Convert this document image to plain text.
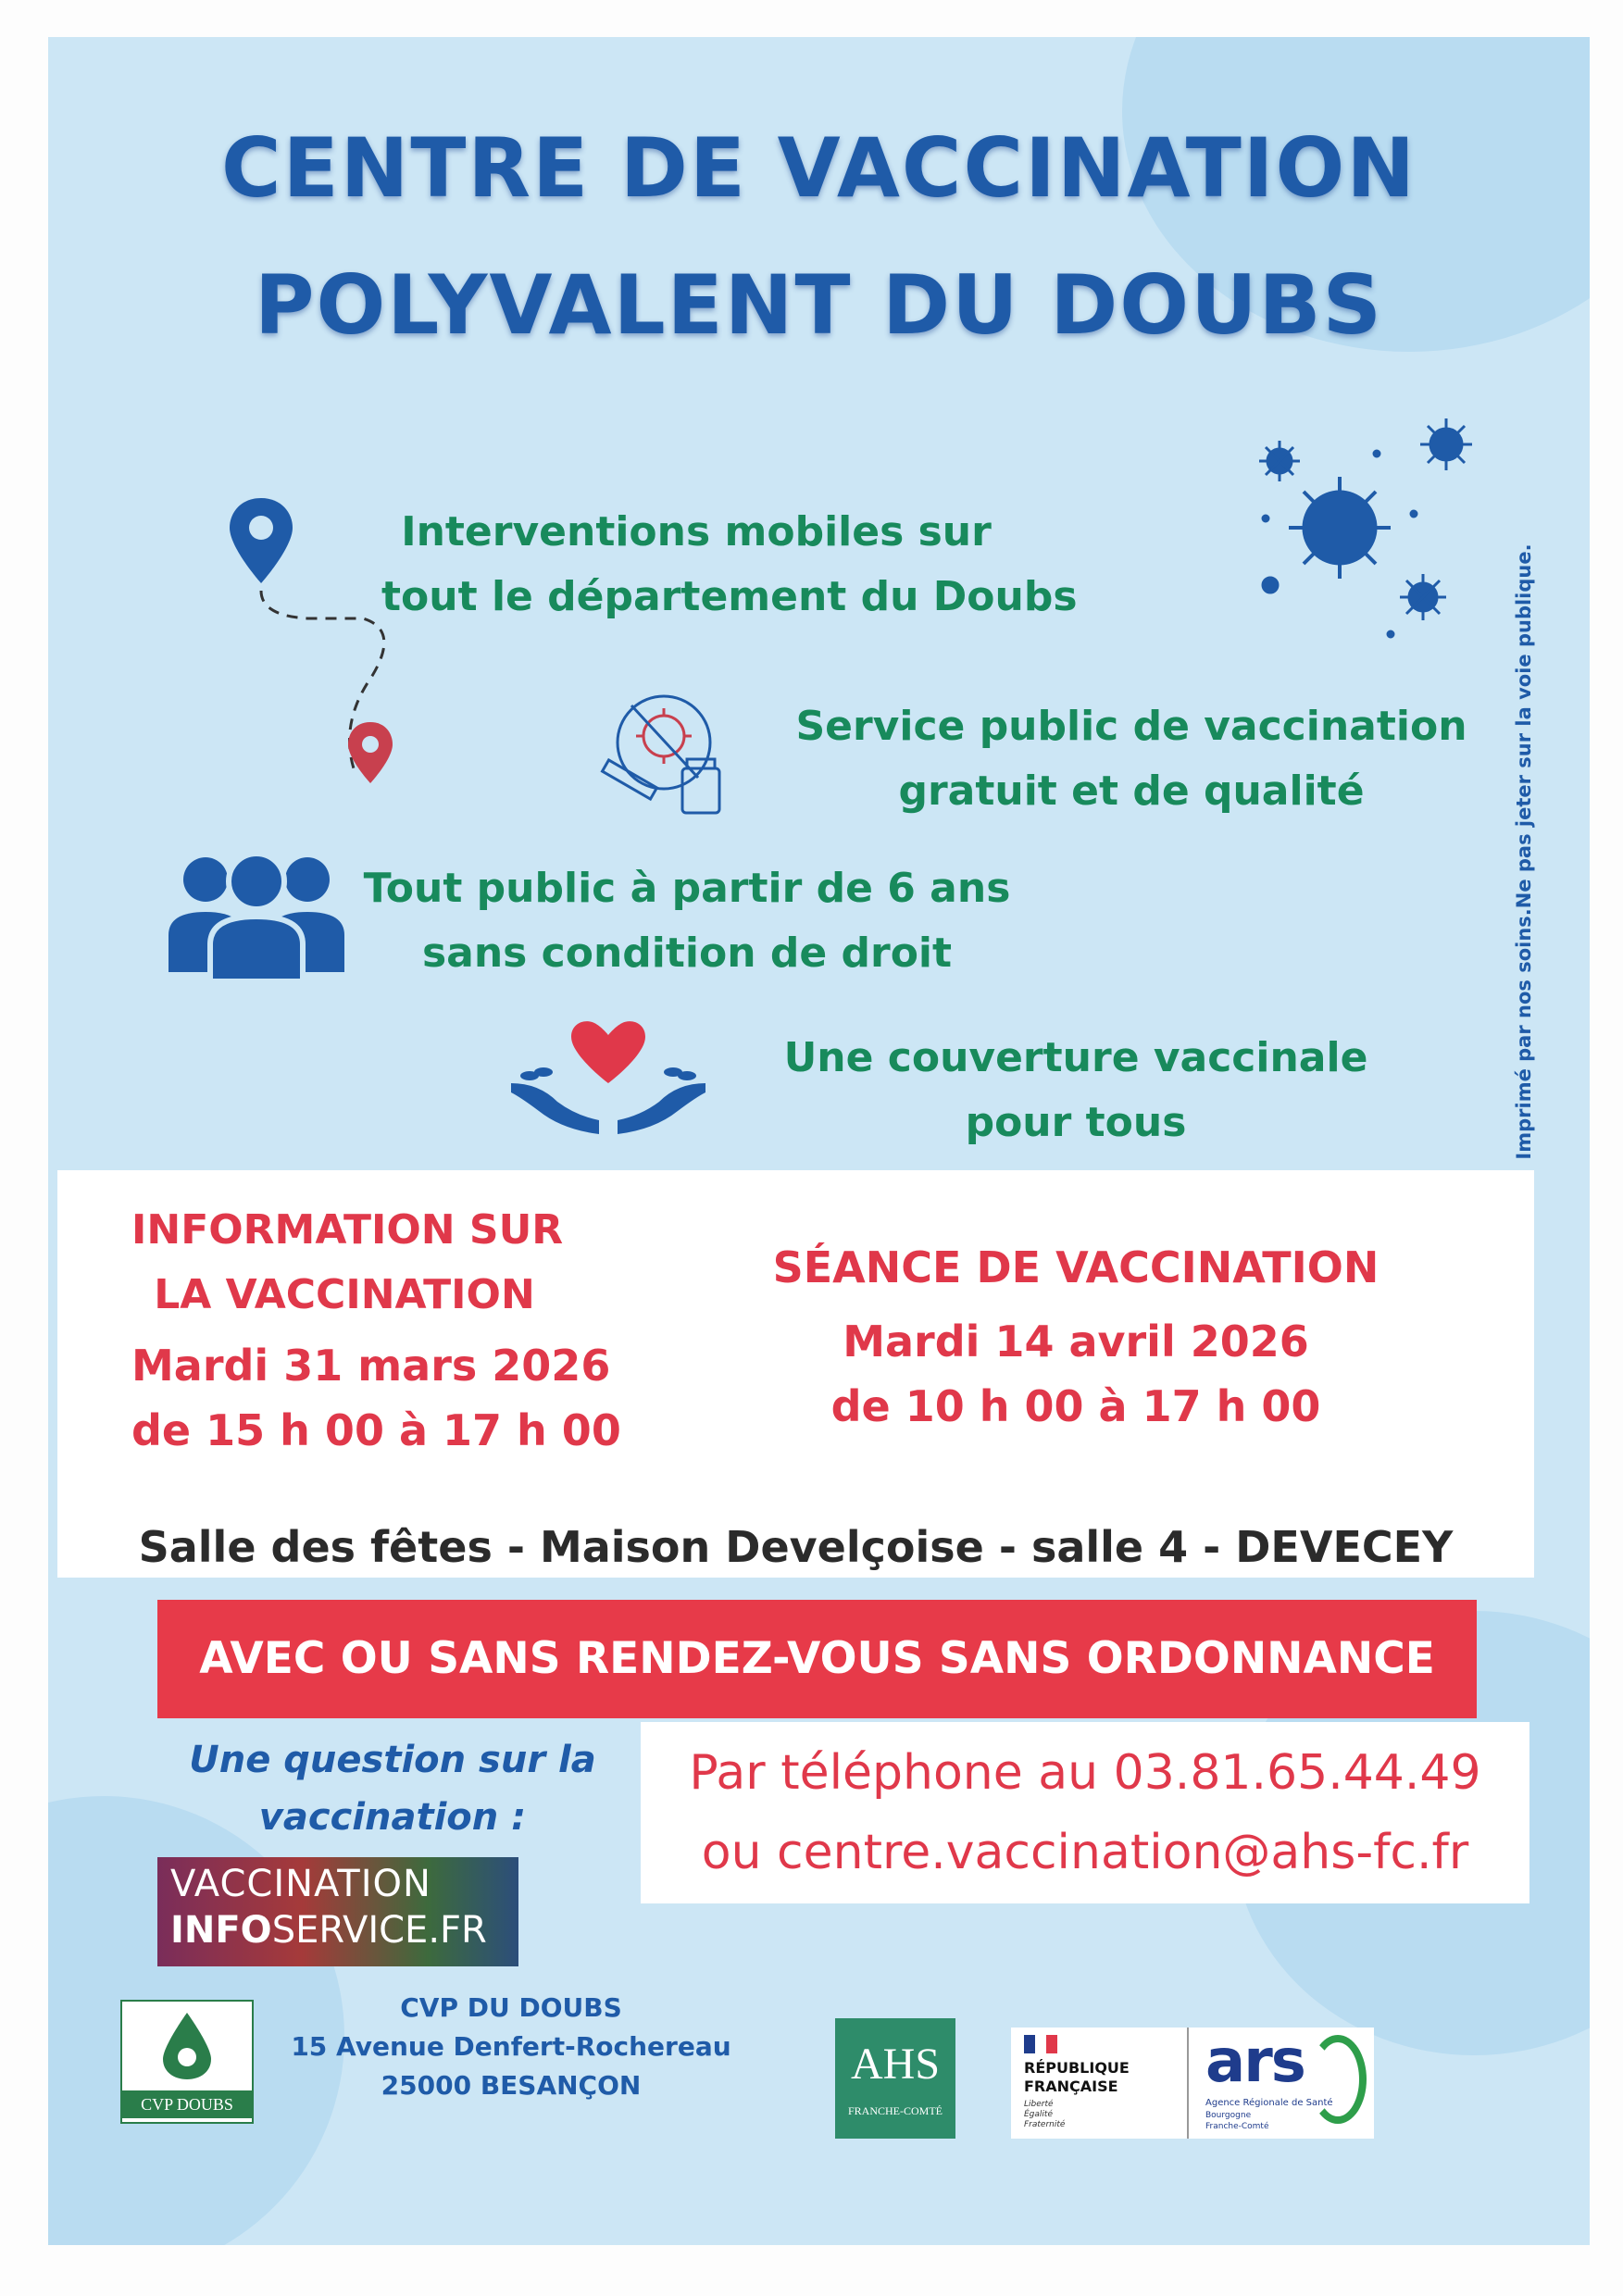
CENTRE DE VACCINATION
POLYVALENT DU DOUBS
Interventions mobiles sur
tout le département du Doubs
Service public de vaccination
gratuit et de qualité
Tout public à partir de 6 ans
sans condition de droit
Une couverture vaccinale
pour tous	Imprimé par nos soins.Ne pas jeter sur la voie publique.
INFORMATION SUR
LA VACCINATION
Mardi 31 mars 2026
de 15 h 00 à 17 h 00
SÉANCE DE VACCINATION
Mardi 14 avril 2026
de 10 h 00 à 17 h 00
Salle des fêtes - Maison Develçoise - salle 4 - DEVECEY
AVEC OU SANS RENDEZ-VOUS SANS ORDONNANCE
Une question sur la
vaccination :
Par téléphone au 03.81.65.44.49
ou centre.vaccination@ahs-fc.fr
VACCINATION
INFOSERVICE.FR
CVP DOUBS
CVP DU DOUBS
15 Avenue Denfert-Rochereau
25000 BESANÇON	AHS
FRANCHE-COMTÉ
RÉPUBLIQUE
FRANÇAISE
Liberté
Égalité
Fraternité
ars
Agence Régionale de Santé
Bourgogne
Franche-Comté
